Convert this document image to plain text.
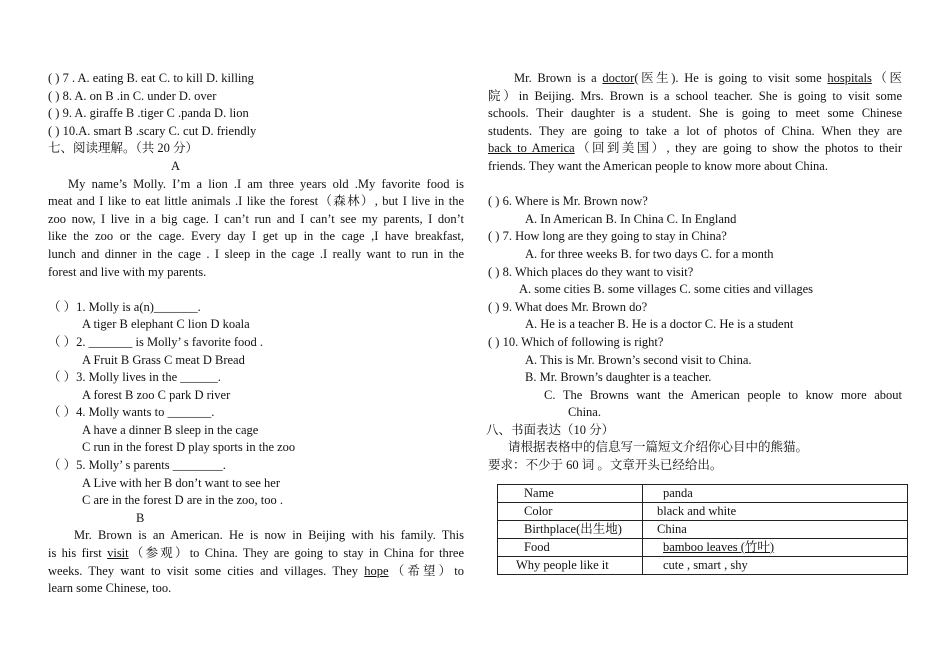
( ) 7 . A. eating B. eat C. to kill D. killing
( ) 8. A. on B .in C. under D. over
( ) 9. A. giraffe B .tiger C .panda D. lion
( ) 10.A. smart B .scary C. cut D. friendly
七、阅读理解。（共 20 分）
A
My name’s Molly. I’m a lion .I am three years old .My favorite food is
meat and I like to eat little animals .I like the forest（森林）, but I live in the
zoo now, I live in a big cage. I can’t run and I can’t see my parents, I don’t
like the zoo or the cage. Every day I get up in the cage ,I have breakfast,
lunch and dinner in the cage . I sleep in the cage .I really want to run in the
forest and live with my parents.
（ ）1. Molly is a(n)_______.
A tiger B elephant C lion D koala
（ ）2. _______ is Molly’ s favorite food .
A Fruit B Grass C meat D Bread
（ ）3. Molly lives in the ______.
A forest B zoo C park D river
（ ）4. Molly wants to _______.
A have a dinner B sleep in the cage
C run in the forest D play sports in the zoo
（ ）5. Molly’ s parents ________.
A Live with her B don’t want to see her
C are in the forest D are in the zoo, too .
B
Mr. Brown is an American. He is now in Beijing with his family. This
is his first visit（参观）to China. They are going to stay in China for three
weeks. They want to visit some cities and villages. They hope（希望）to
learn some Chinese, too.
Mr. Brown is a doctor(医生). He is going to visit some hospitals（医
院）in Beijing. Mrs. Brown is a school teacher. She is going to visit some
schools. Their daughter is a student. She is going to meet some Chinese
students. They are going to take a lot of photos of China. When they are
back to America（回到美国）, they are going to show the photos to their
friends. They want the American people to know more about China.
( ) 6. Where is Mr. Brown now?
A. In American B. In China C. In England
( ) 7. How long are they going to stay in China?
A. for three weeks B. for two days C. for a month
( ) 8. Which places do they want to visit?
A. some cities B. some villages C. some cities and villages
( ) 9. What does Mr. Brown do?
A. He is a teacher B. He is a doctor C. He is a student
( ) 10. Which of following is right?
A. This is Mr. Brown’s second visit to China.
B. Mr. Brown’s daughter is a teacher.
C. The Browns want the American people to know more about
China.
八、书面表达（10 分）
请根据表格中的信息写一篇短文介绍你心目中的熊猫。
要求：不少于 60 词 。文章开头已经给出。
Name	panda
Color	black and white
Birthplace(出生地)	China
Food	bamboo leaves (竹叶)
Why people like it	cute , smart , shy
